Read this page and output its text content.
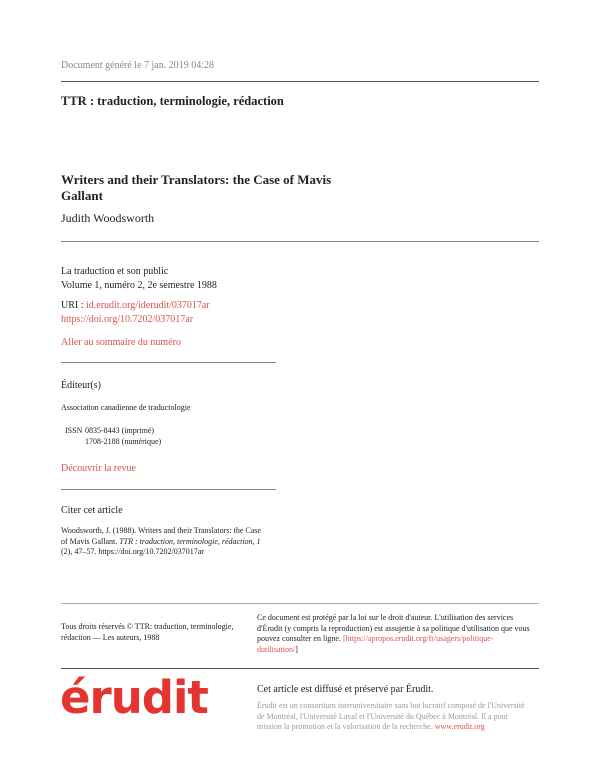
Document généré le 7 jan. 2019 04:28
TTR : traduction, terminologie, rédaction
Writers and their Translators: the Case of Mavis
Gallant
Judith Woodsworth
La traduction et son public
Volume 1, numéro 2, 2e semestre 1988
URI : id.erudit.org/iderudit/037017ar
https://doi.org/10.7202/037017ar
Aller au sommaire du numéro
Éditeur(s)
Association canadienne de traductologie
ISSN 0835-8443 (imprimé)
1708-2188 (numérique)
Découvrir la revue
Citer cet article
Woodsworth, J. (1988). Writers and their Translators: the Case
of Mavis Gallant. TTR : traduction, terminologie, rédaction, 1
(2), 47–57. https://doi.org/10.7202/037017ar
Tous droits réservés © TTR: traduction, terminologie,
rédaction — Les auteurs, 1988
Ce document est protégé par la loi sur le droit d'auteur. L'utilisation des services
d'Érudit (y compris la reproduction) est assujettie à sa politique d'utilisation que vous
pouvez consulter en ligne. [https://apropos.erudit.org/fr/usagers/politique-
dutilisation/]
érudit	Cet article est diffusé et préservé par Érudit.
Érudit est un consortium interuniversitaire sans but lucratif composé de l'Université
de Montréal, l'Université Laval et l'Université du Québec à Montréal. Il a pour
mission la promotion et la valorisation de la recherche. www.erudit.org
